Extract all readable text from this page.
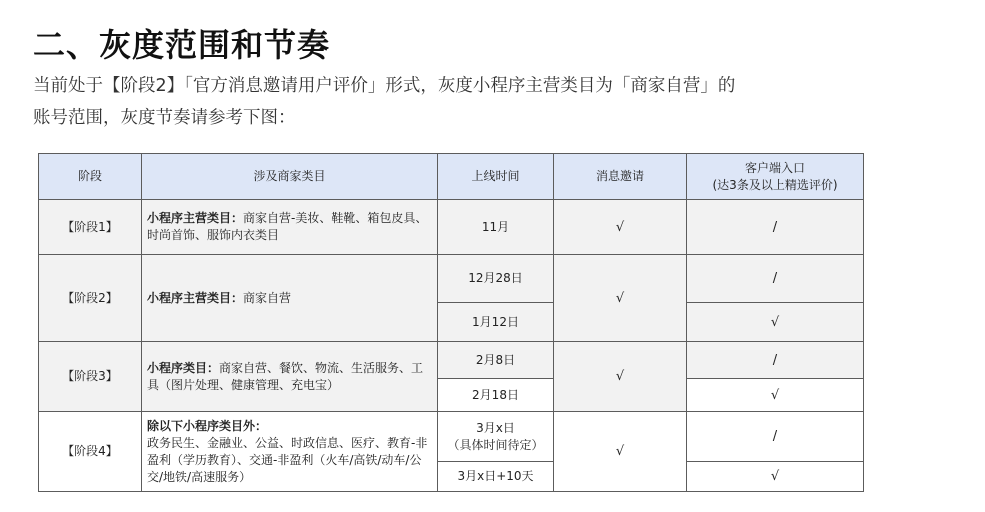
二、灰度范围和节奏
当前处于【阶段2】「官方消息邀请用户评价」形式，灰度小程序主营类目为「商家自营」的
账号范围，灰度节奏请参考下图：
阶段	涉及商家类目	上线时间	消息邀请	客户端入口
(达3条及以上精选评价)

【阶段1】	小程序主营类目：商家自营-美妆、鞋靴、箱包皮具、时尚首饰、服饰内衣类目	11月	√	/
【阶段2】	小程序主营类目：商家自营	12月28日	√	/
		1月12日		√
【阶段3】	小程序类目：商家自营、餐饮、物流、生活服务、工具（图片处理、健康管理、充电宝）	2月8日	√	/
		2月18日		√
【阶段4】	除以下小程序类目外：
政务民生、金融业、公益、时政信息、医疗、教育-非盈利（学历教育）、交通-非盈利（火车/高铁/动车/公交/地铁/高速服务）	3月x日
（具体时间待定）	√	/
		3月x日+10天		√
